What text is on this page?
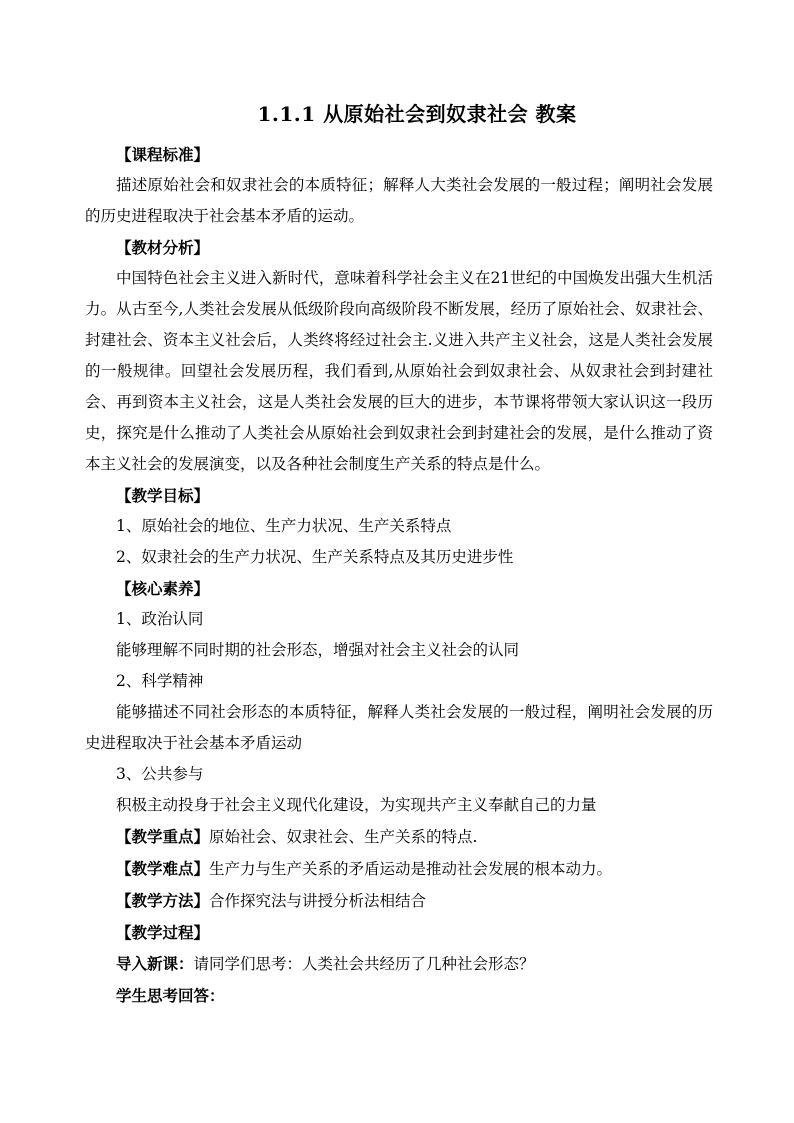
1.1.1 从原始社会到奴隶社会 教案
【课程标准】
描述原始社会和奴隶社会的本质特征；解释人大类社会发展的一般过程；阐明社会发展的历史进程取决于社会基本矛盾的运动。
【教材分析】
中国特色社会主义进入新时代，意味着科学社会主义在21世纪的中国焕发出强大生机活力。从古至今,人类社会发展从低级阶段向高级阶段不断发展，经历了原始社会、奴隶社会、封建社会、资本主义社会后，人类终将经过社会主.义进入共产主义社会，这是人类社会发展的一般规律。回望社会发展历程，我们看到,从原始社会到奴隶社会、从奴隶社会到封建社会、再到资本主义社会，这是人类社会发展的巨大的进步，本节课将带领大家认识这一段历史，探究是什么推动了人类社会从原始社会到奴隶社会到封建社会的发展，是什么推动了资本主义社会的发展演变，以及各种社会制度生产关系的特点是什么。
【教学目标】
1、原始社会的地位、生产力状况、生产关系特点
2、奴隶社会的生产力状况、生产关系特点及其历史进步性
【核心素养】
1、政治认同
能够理解不同时期的社会形态，增强对社会主义社会的认同
2、科学精神
能够描述不同社会形态的本质特征，解释人类社会发展的一般过程，阐明社会发展的历史进程取决于社会基本矛盾运动
3、公共参与
积极主动投身于社会主义现代化建设，为实现共产主义奉献自己的力量
【教学重点】原始社会、奴隶社会、生产关系的特点.
【教学难点】生产力与生产关系的矛盾运动是推动社会发展的根本动力。
【教学方法】合作探究法与讲授分析法相结合
【教学过程】
导入新课：请同学们思考：人类社会共经历了几种社会形态？
学生思考回答：
